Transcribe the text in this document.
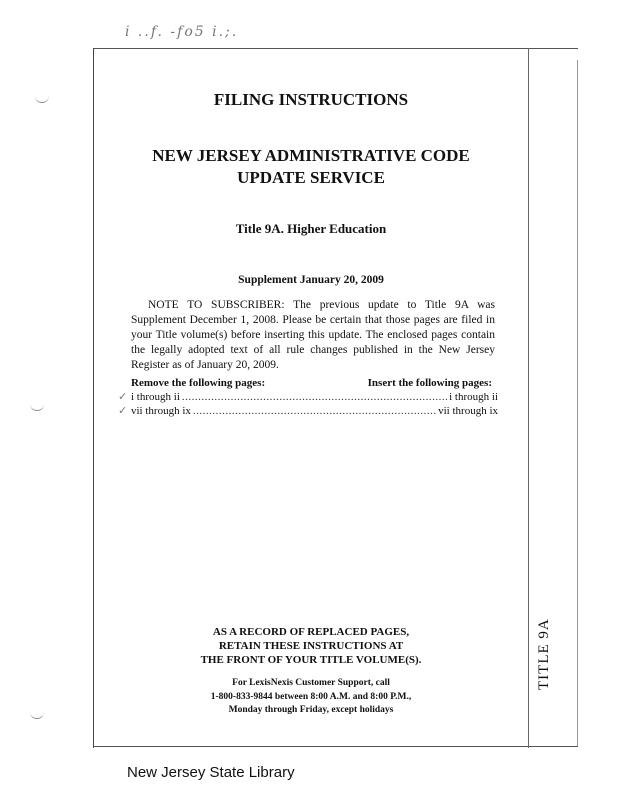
i ..f. -fo5 i.;.
FILING INSTRUCTIONS
NEW JERSEY ADMINISTRATIVE CODE
UPDATE SERVICE
Title 9A. Higher Education
Supplement January 20, 2009
NOTE TO SUBSCRIBER: The previous update to Title 9A was Supplement December 1, 2008. Please be certain that those pages are filed in your Title volume(s) before inserting this update. The enclosed pages contain the legally adopted text of all rule changes published in the New Jersey Register as of January 20, 2009.
Remove the following pages:	Insert the following pages:
✓ i through ii .....	i through ii
✓ vii through ix .....	vii through ix
AS A RECORD OF REPLACED PAGES,
RETAIN THESE INSTRUCTIONS AT
THE FRONT OF YOUR TITLE VOLUME(S).
For LexisNexis Customer Support, call
1-800-833-9844 between 8:00 A.M. and 8:00 P.M.,
Monday through Friday, except holidays
TITLE 9A
New Jersey State Library
